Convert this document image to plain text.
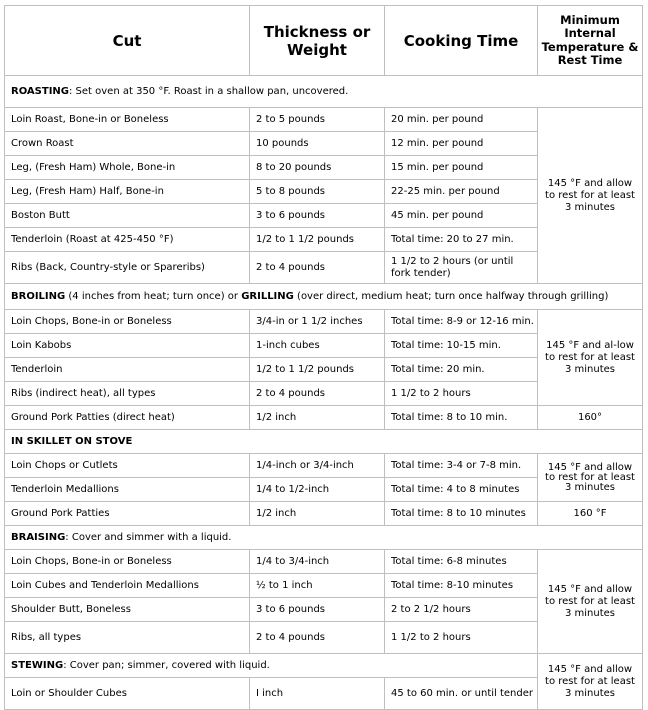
Cut	Thickness or Weight	Cooking Time	Minimum Internal Temperature & Rest Time
ROASTING: Set oven at 350 °F. Roast in a shallow pan, uncovered.			
Loin Roast, Bone-in or Boneless	2 to 5 pounds	20 min. per pound	145 °F and allow to rest for at least 3 minutes
Crown Roast	10 pounds	12 min. per pound	
Leg, (Fresh Ham) Whole, Bone-in	8 to 20 pounds	15 min. per pound	
Leg, (Fresh Ham) Half, Bone-in	5 to 8 pounds	22-25 min. per pound	
Boston Butt	3 to 6 pounds	45 min. per pound	
Tenderloin (Roast at 425-450 °F)	1/2 to 1 1/2 pounds	Total time: 20 to 27 min.	
Ribs (Back, Country-style or Spareribs)	2 to 4 pounds	1 1/2 to 2 hours (or until fork tender)	
BROILING (4 inches from heat; turn once) or GRILLING (over direct, medium heat; turn once halfway through grilling)			
Loin Chops, Bone-in or Boneless	3/4-in or 1 1/2 inches	Total time: 8-9 or 12-16 min.	145 °F and al-low to rest for at least 3 minutes
Loin Kabobs	1-inch cubes	Total time: 10-15 min.	
Tenderloin	1/2 to 1 1/2 pounds	Total time: 20 min.	
Ribs (indirect heat), all types	2 to 4 pounds	1 1/2 to 2 hours	
Ground Pork Patties (direct heat)	1/2 inch	Total time: 8 to 10 min.	160°
IN SKILLET ON STOVE			
Loin Chops or Cutlets	1/4-inch or 3/4-inch	Total time: 3-4 or 7-8 min.	145 °F and allow to rest for at least 3 minutes
Tenderloin Medallions	1/4 to 1/2-inch	Total time: 4 to 8 minutes	
Ground Pork Patties	1/2 inch	Total time: 8 to 10 minutes	160 °F
BRAISING: Cover and simmer with a liquid.			
Loin Chops, Bone-in or Boneless	1/4 to 3/4-inch	Total time: 6-8 minutes	145 °F and allow to rest for at least 3 minutes
Loin Cubes and Tenderloin Medallions	½ to 1 inch	Total time: 8-10 minutes	
Shoulder Butt, Boneless	3 to 6 pounds	2 to 2 1/2 hours	
Ribs, all types	2 to 4 pounds	1 1/2 to 2 hours	
STEWING: Cover pan; simmer, covered with liquid.			145 °F and allow to rest for at least 3 minutes
Loin or Shoulder Cubes	I inch	45 to 60 min. or until tender	
